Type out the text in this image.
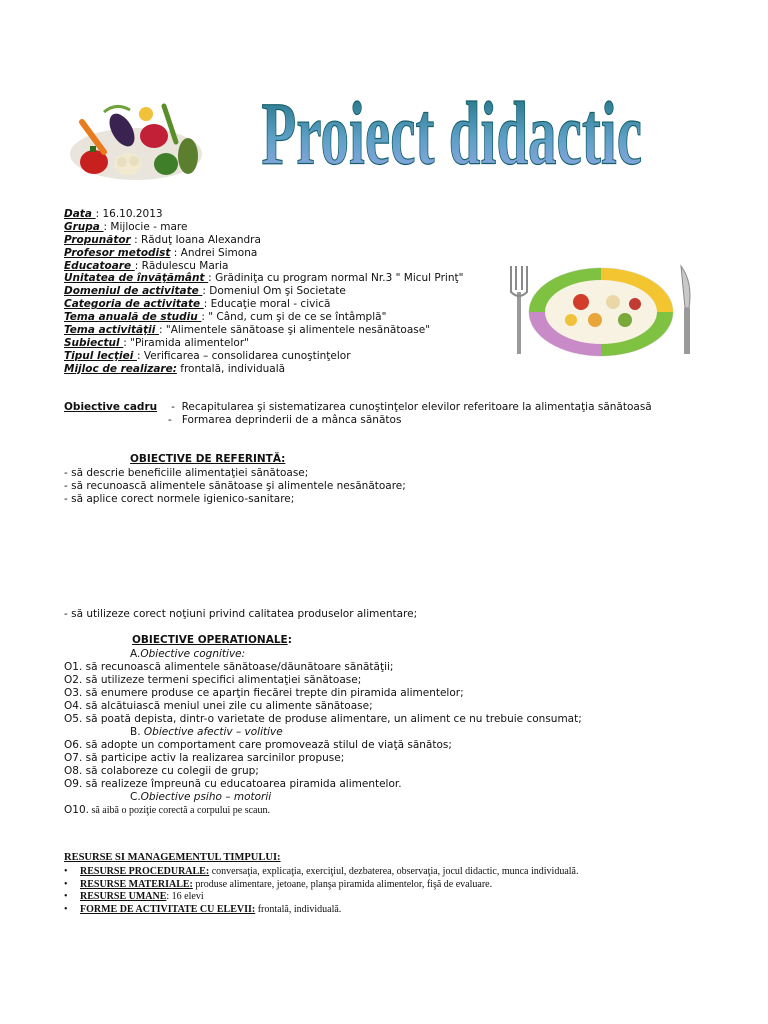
Proiect didactic
Data : 16.10.2013
Grupa : Mijlocie - mare
Propunător : Răduţ Ioana Alexandra
Profesor metodist : Andrei Simona
Educatoare : Rădulescu Maria
Unitatea de învăţământ : Grădiniţa cu program normal Nr.3 " Micul Prinţ"
Domeniul de activitate : Domeniul Om şi Societate
Categoria de activitate : Educaţie moral - civică
Tema anuală de studiu : " Când, cum şi de ce se întâmplă"
Tema activităţii : "Alimentele sănătoase şi alimentele nesănătoase"
Subiectul : "Piramida alimentelor"
Tipul lecţiei : Verificarea – consolidarea cunoştinţelor
Mijloc de realizare: frontală, individuală
Obiective cadru -  Recapitularea şi sistematizarea cunoştinţelor elevilor referitoare la alimentaţia sănătoasă
-   Formarea deprinderii de a mânca sănătos
OBIECTIVE DE REFERINTĂ:
- să descrie beneficiile alimentaţiei sănătoase;
- să recunoască alimentele sănătoase şi alimentele nesănătoare;
- să aplice corect normele igienico-sanitare;
- să utilizeze corect noţiuni privind calitatea produselor alimentare;
OBIECTIVE OPERATIONALE:
A.Obiective cognitive:
O1. să recunoască alimentele sănătoase/dăunătoare sănătăţii;
O2. să utilizeze termeni specifici alimentaţiei sănătoase;
O3. să enumere produse ce aparţin fiecărei trepte din piramida alimentelor;
O4. să alcătuiască meniul unei zile cu alimente sănătoase;
O5. să poată depista, dintr-o varietate de produse alimentare, un aliment ce nu trebuie consumat;
B. Obiective afectiv – volitive
O6. să adopte un comportament care promovează stilul de viaţă sănătos;
O7. să participe activ la realizarea sarcinilor propuse;
O8. să colaboreze cu colegii de grup;
O9. să realizeze împreună cu educatoarea piramida alimentelor.
C.Obiective psiho – motorii
O10. să aibă o poziţie corectă a corpului pe scaun.
RESURSE SI MANAGEMENTUL TIMPULUI:
• RESURSE PROCEDURALE: conversaţia, explicaţia, exerciţiul, dezbaterea, observaţia, jocul didactic, munca individuală.
• RESURSE MATERIALE: produse alimentare, jetoane, planşa piramida alimentelor, fişă de evaluare.
• RESURSE UMANE: 16 elevi
• FORME DE ACTIVITATE CU ELEVII: frontală, individuală.
